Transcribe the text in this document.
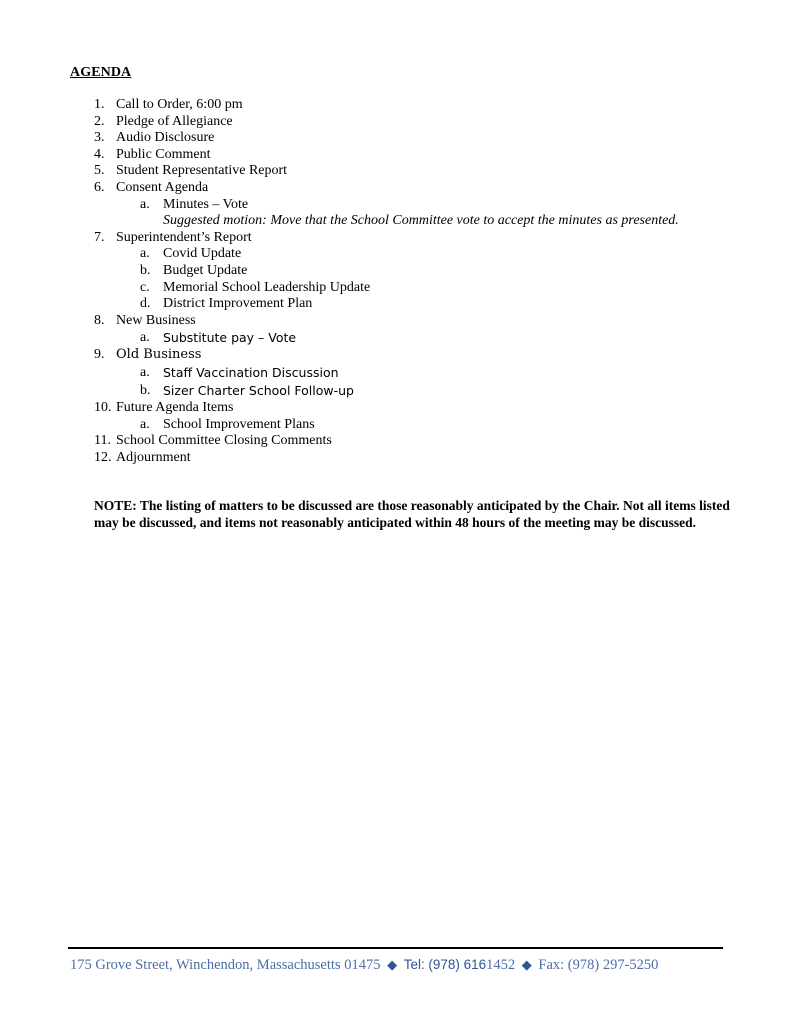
AGENDA
1. Call to Order, 6:00 pm
2. Pledge of Allegiance
3. Audio Disclosure
4. Public Comment
5. Student Representative Report
6. Consent Agenda
a. Minutes – Vote
Suggested motion: Move that the School Committee vote to accept the minutes as presented.
7. Superintendent’s Report
a. Covid Update
b. Budget Update
c. Memorial School Leadership Update
d. District Improvement Plan
8. New Business
a.	Substitute pay – Vote
9. Old Business
a.	Staff Vaccination Discussion
b.	Sizer Charter School Follow-up
10. Future Agenda Items
a. School Improvement Plans
11. School Committee Closing Comments
12. Adjournment

NOTE: The listing of matters to be discussed are those reasonably anticipated by the Chair. Not all items listed may be discussed, and items not reasonably anticipated within 48 hours of the meeting may be discussed.

175 Grove Street, Winchendon, Massachusetts 01475 ◆ Tel: (978) 6161452 ◆ Fax: (978) 297-5250
